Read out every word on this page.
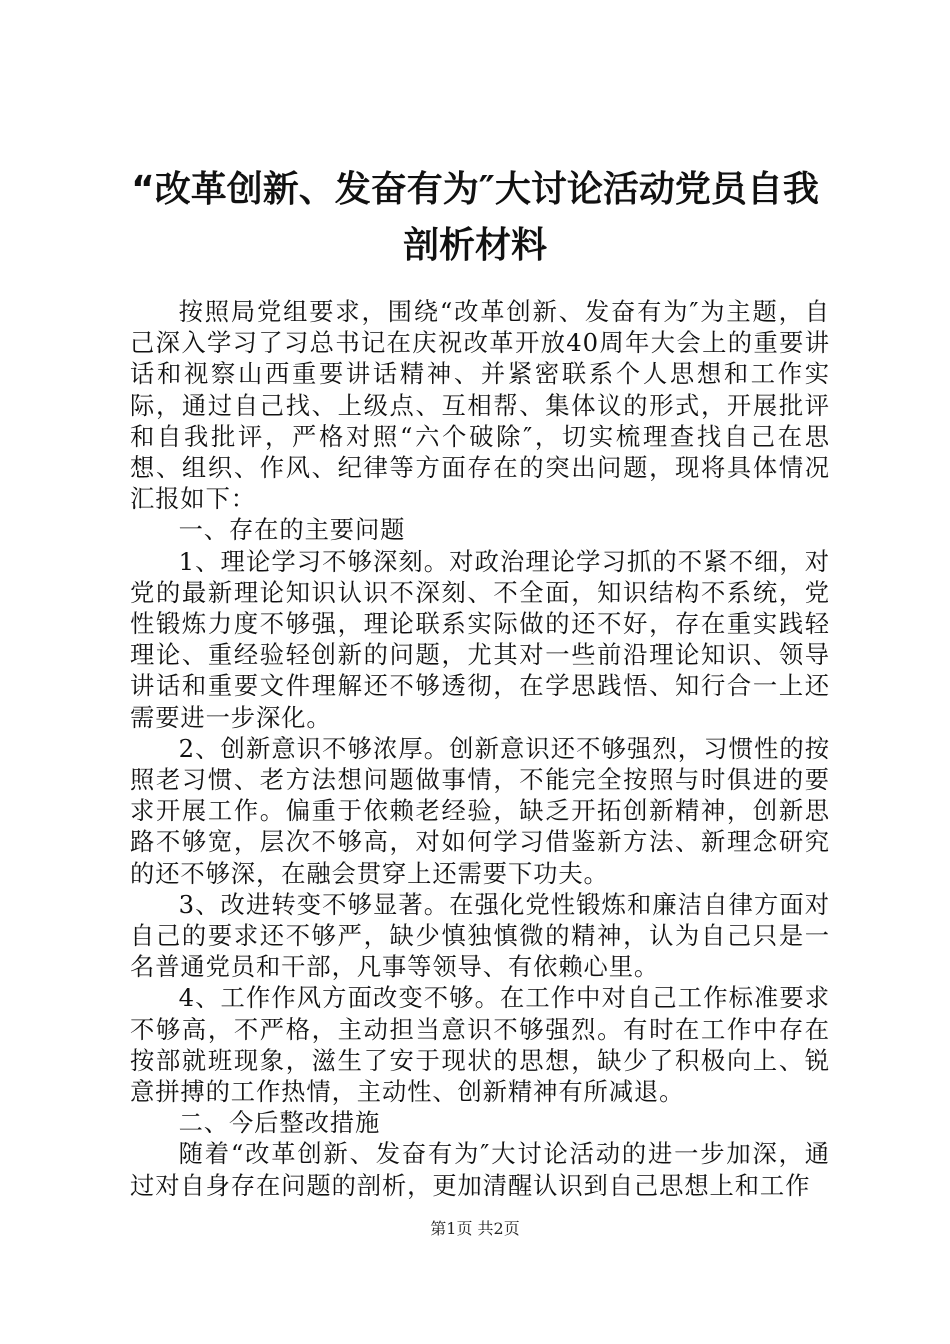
“改革创新、发奋有为″大讨论活动党员自我
剖析材料

按照局党组要求，围绕“改革创新、发奋有为″为主题，自己深入学习了习总书记在庆祝改革开放40周年大会上的重要讲话和视察山西重要讲话精神、并紧密联系个人思想和工作实际，通过自己找、上级点、互相帮、集体议的形式，开展批评和自我批评，严格对照“六个破除″，切实梳理查找自己在思想、组织、作风、纪律等方面存在的突出问题，现将具体情况汇报如下：

一、存在的主要问题

1、理论学习不够深刻。对政治理论学习抓的不紧不细，对党的最新理论知识认识不深刻、不全面，知识结构不系统，党性锻炼力度不够强，理论联系实际做的还不好，存在重实践轻理论、重经验轻创新的问题，尤其对一些前沿理论知识、领导讲话和重要文件理解还不够透彻，在学思践悟、知行合一上还需要进一步深化。

2、创新意识不够浓厚。创新意识还不够强烈，习惯性的按照老习惯、老方法想问题做事情，不能完全按照与时俱进的要求开展工作。偏重于依赖老经验，缺乏开拓创新精神，创新思路不够宽，层次不够高，对如何学习借鉴新方法、新理念研究的还不够深，在融会贯穿上还需要下功夫。

3、改进转变不够显著。在强化党性锻炼和廉洁自律方面对自己的要求还不够严，缺少慎独慎微的精神，认为自己只是一名普通党员和干部，凡事等领导、有依赖心里。

4、工作作风方面改变不够。在工作中对自己工作标准要求不够高，不严格，主动担当意识不够强烈。有时在工作中存在按部就班现象，滋生了安于现状的思想，缺少了积极向上、锐意拼搏的工作热情，主动性、创新精神有所减退。

二、今后整改措施

随着“改革创新、发奋有为″大讨论活动的进一步加深，通过对自身存在问题的剖析，更加清醒认识到自己思想上和工作

第1页 共2页
